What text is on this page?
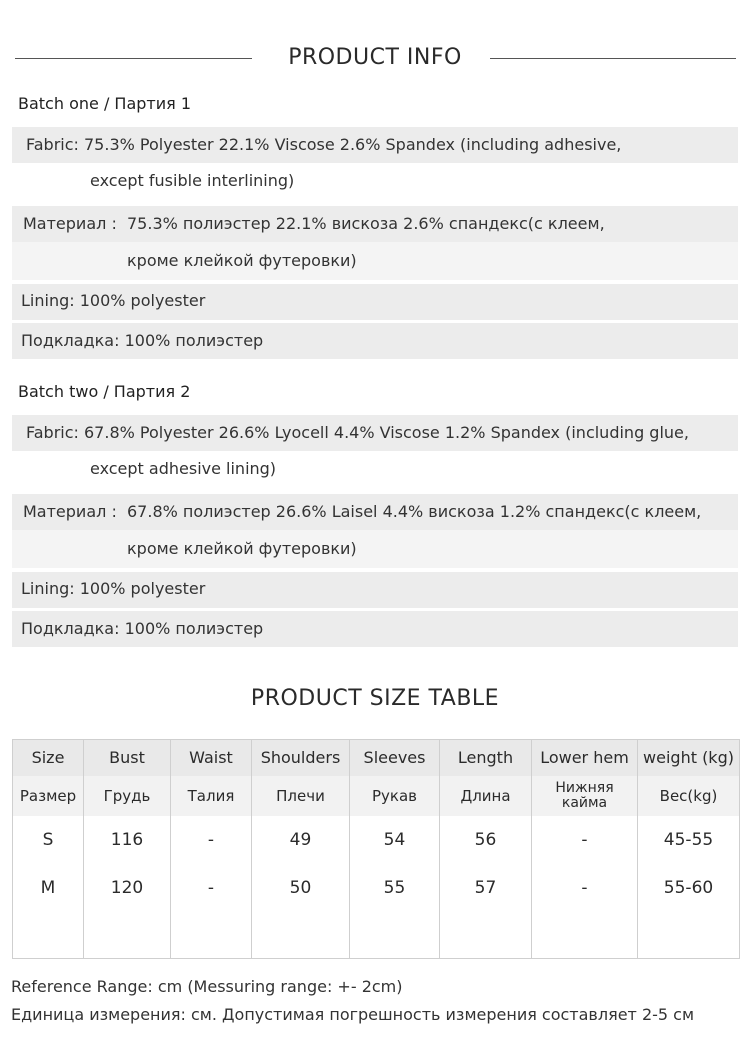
PRODUCT INFO
Batch one / Партия 1
Fabric: 75.3% Polyester 22.1% Viscose 2.6% Spandex (including adhesive,
except fusible interlining)
Материал : 75.3% полиэстер 22.1% вискоза 2.6% спандекс(с клеем,
кроме клейкой футеровки)
Lining: 100% polyester
Подкладка: 100% полиэстер
Batch two / Партия 2
Fabric: 67.8% Polyester 26.6% Lyocell 4.4% Viscose 1.2% Spandex (including glue,
except adhesive lining)
Материал : 67.8% полиэстер 26.6% Laisel 4.4% вискоза 1.2% спандекс(с клеем,
кроме клейкой футеровки)
Lining: 100% polyester
Подкладка: 100% полиэстер
PRODUCT SIZE TABLE
Size	Bust	Waist	Shoulders	Sleeves	Length	Lower hem	weight (kg)
Размер	Грудь	Талия	Плечи	Рукав	Длина	Нижняя кайма	Вес(kg)
S	116	-	49	54	56	-	45-55
M	120	-	50	55	57	-	55-60

Reference Range: cm (Messuring range: +- 2cm)
Единица измерения: см. Допустимая погрешность измерения составляет 2-5 см
